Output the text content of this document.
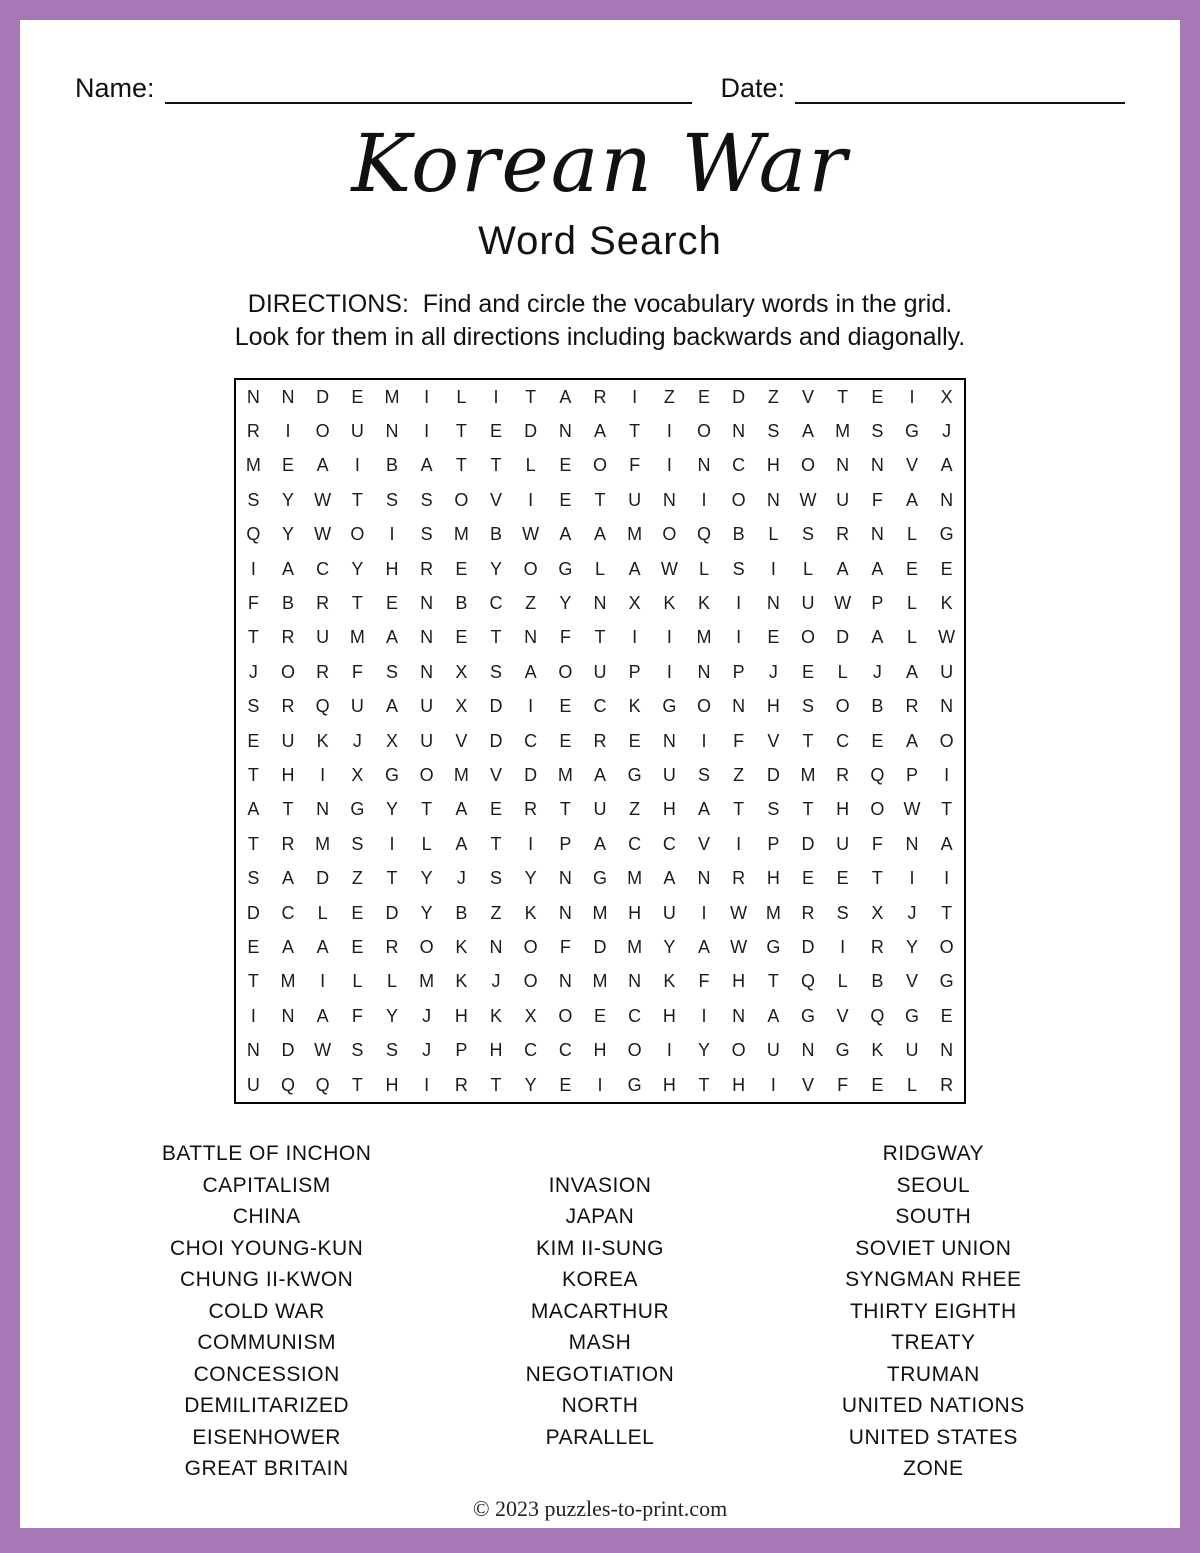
Name:	Date:
Korean War
Word Search
DIRECTIONS:  Find and circle the vocabulary words in the grid.
Look for them in all directions including backwards and diagonally.
N	N	D	E	M	I	L	I	T	A	R	I	Z	E	D	Z	V	T	E	I	X
R	I	O	U	N	I	T	E	D	N	A	T	I	O	N	S	A	M	S	G	J
M	E	A	I	B	A	T	T	L	E	O	F	I	N	C	H	O	N	N	V	A
S	Y	W	T	S	S	O	V	I	E	T	U	N	I	O	N	W	U	F	A	N
Q	Y	W	O	I	S	M	B	W	A	A	M	O	Q	B	L	S	R	N	L	G
I	A	C	Y	H	R	E	Y	O	G	L	A	W	L	S	I	L	A	A	E	E
F	B	R	T	E	N	B	C	Z	Y	N	X	K	K	I	N	U	W	P	L	K
T	R	U	M	A	N	E	T	N	F	T	I	I	M	I	E	O	D	A	L	W
J	O	R	F	S	N	X	S	A	O	U	P	I	N	P	J	E	L	J	A	U
S	R	Q	U	A	U	X	D	I	E	C	K	G	O	N	H	S	O	B	R	N
E	U	K	J	X	U	V	D	C	E	R	E	N	I	F	V	T	C	E	A	O
T	H	I	X	G	O	M	V	D	M	A	G	U	S	Z	D	M	R	Q	P	I
A	T	N	G	Y	T	A	E	R	T	U	Z	H	A	T	S	T	H	O	W	T
T	R	M	S	I	L	A	T	I	P	A	C	C	V	I	P	D	U	F	N	A
S	A	D	Z	T	Y	J	S	Y	N	G	M	A	N	R	H	E	E	T	I	I
D	C	L	E	D	Y	B	Z	K	N	M	H	U	I	W	M	R	S	X	J	T
E	A	A	E	R	O	K	N	O	F	D	M	Y	A	W	G	D	I	R	Y	O
T	M	I	L	L	M	K	J	O	N	M	N	K	F	H	T	Q	L	B	V	G
I	N	A	F	Y	J	H	K	X	O	E	C	H	I	N	A	G	V	Q	G	E
N	D	W	S	S	J	P	H	C	C	H	O	I	Y	O	U	N	G	K	U	N
U	Q	Q	T	H	I	R	T	Y	E	I	G	H	T	H	I	V	F	E	L	R
BATTLE OF INCHON
CAPITALISM
CHINA
CHOI YOUNG-KUN
CHUNG II-KWON
COLD WAR
COMMUNISM
CONCESSION
DEMILITARIZED
EISENHOWER
GREAT BRITAIN
INVASION
JAPAN
KIM II-SUNG
KOREA
MACARTHUR
MASH
NEGOTIATION
NORTH
PARALLEL
RIDGWAY
SEOUL
SOUTH
SOVIET UNION
SYNGMAN RHEE
THIRTY EIGHTH
TREATY
TRUMAN
UNITED NATIONS
UNITED STATES
ZONE
© 2023 puzzles-to-print.com
